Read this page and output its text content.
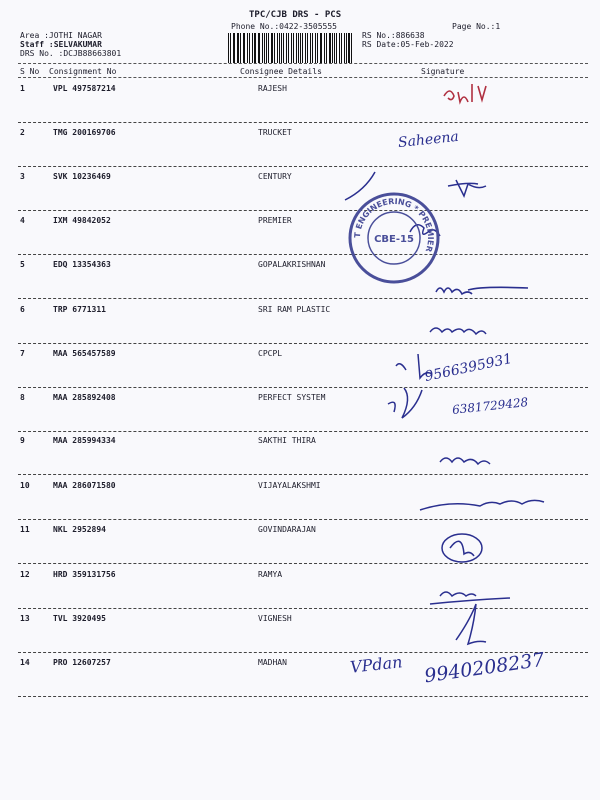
TPC/CJB DRS - PCS
Phone No.:0422-3505555	Page No.:1
Area :JOTHI NAGAR
Staff :SELVAKUMAR
DRS No. :DCJB88663801
RS No.:886638
RS Date:05-Feb-2022
S No Consignment No	Consignee Details	Signature
1	VPL 497587214	RAJESH
2	TMG 200169706	TRUCKET
3	SVK 10236469	CENTURY
4	IXM 49842052	PREMIER
5	EDQ 13354363	GOPALAKRISHNAN
6	TRP 6771311	SRI RAM PLASTIC
7	MAA 565457589	CPCPL
8	MAA 285892408	PERFECT SYSTEM
9	MAA 285994334	SAKTHI THIRA
10	MAA 286071580	VIJAYALAKSHMI
11	NKL 2952894	GOVINDARAJAN
12	HRD 359131756	RAMYA
13	TVL 3920495	VIGNESH
14	PRO 12607257	MADHAN
Saheena
9566395931
6381729428
VPdan 9940208237
T ENGINEERING * PREMIER
CBE-15
